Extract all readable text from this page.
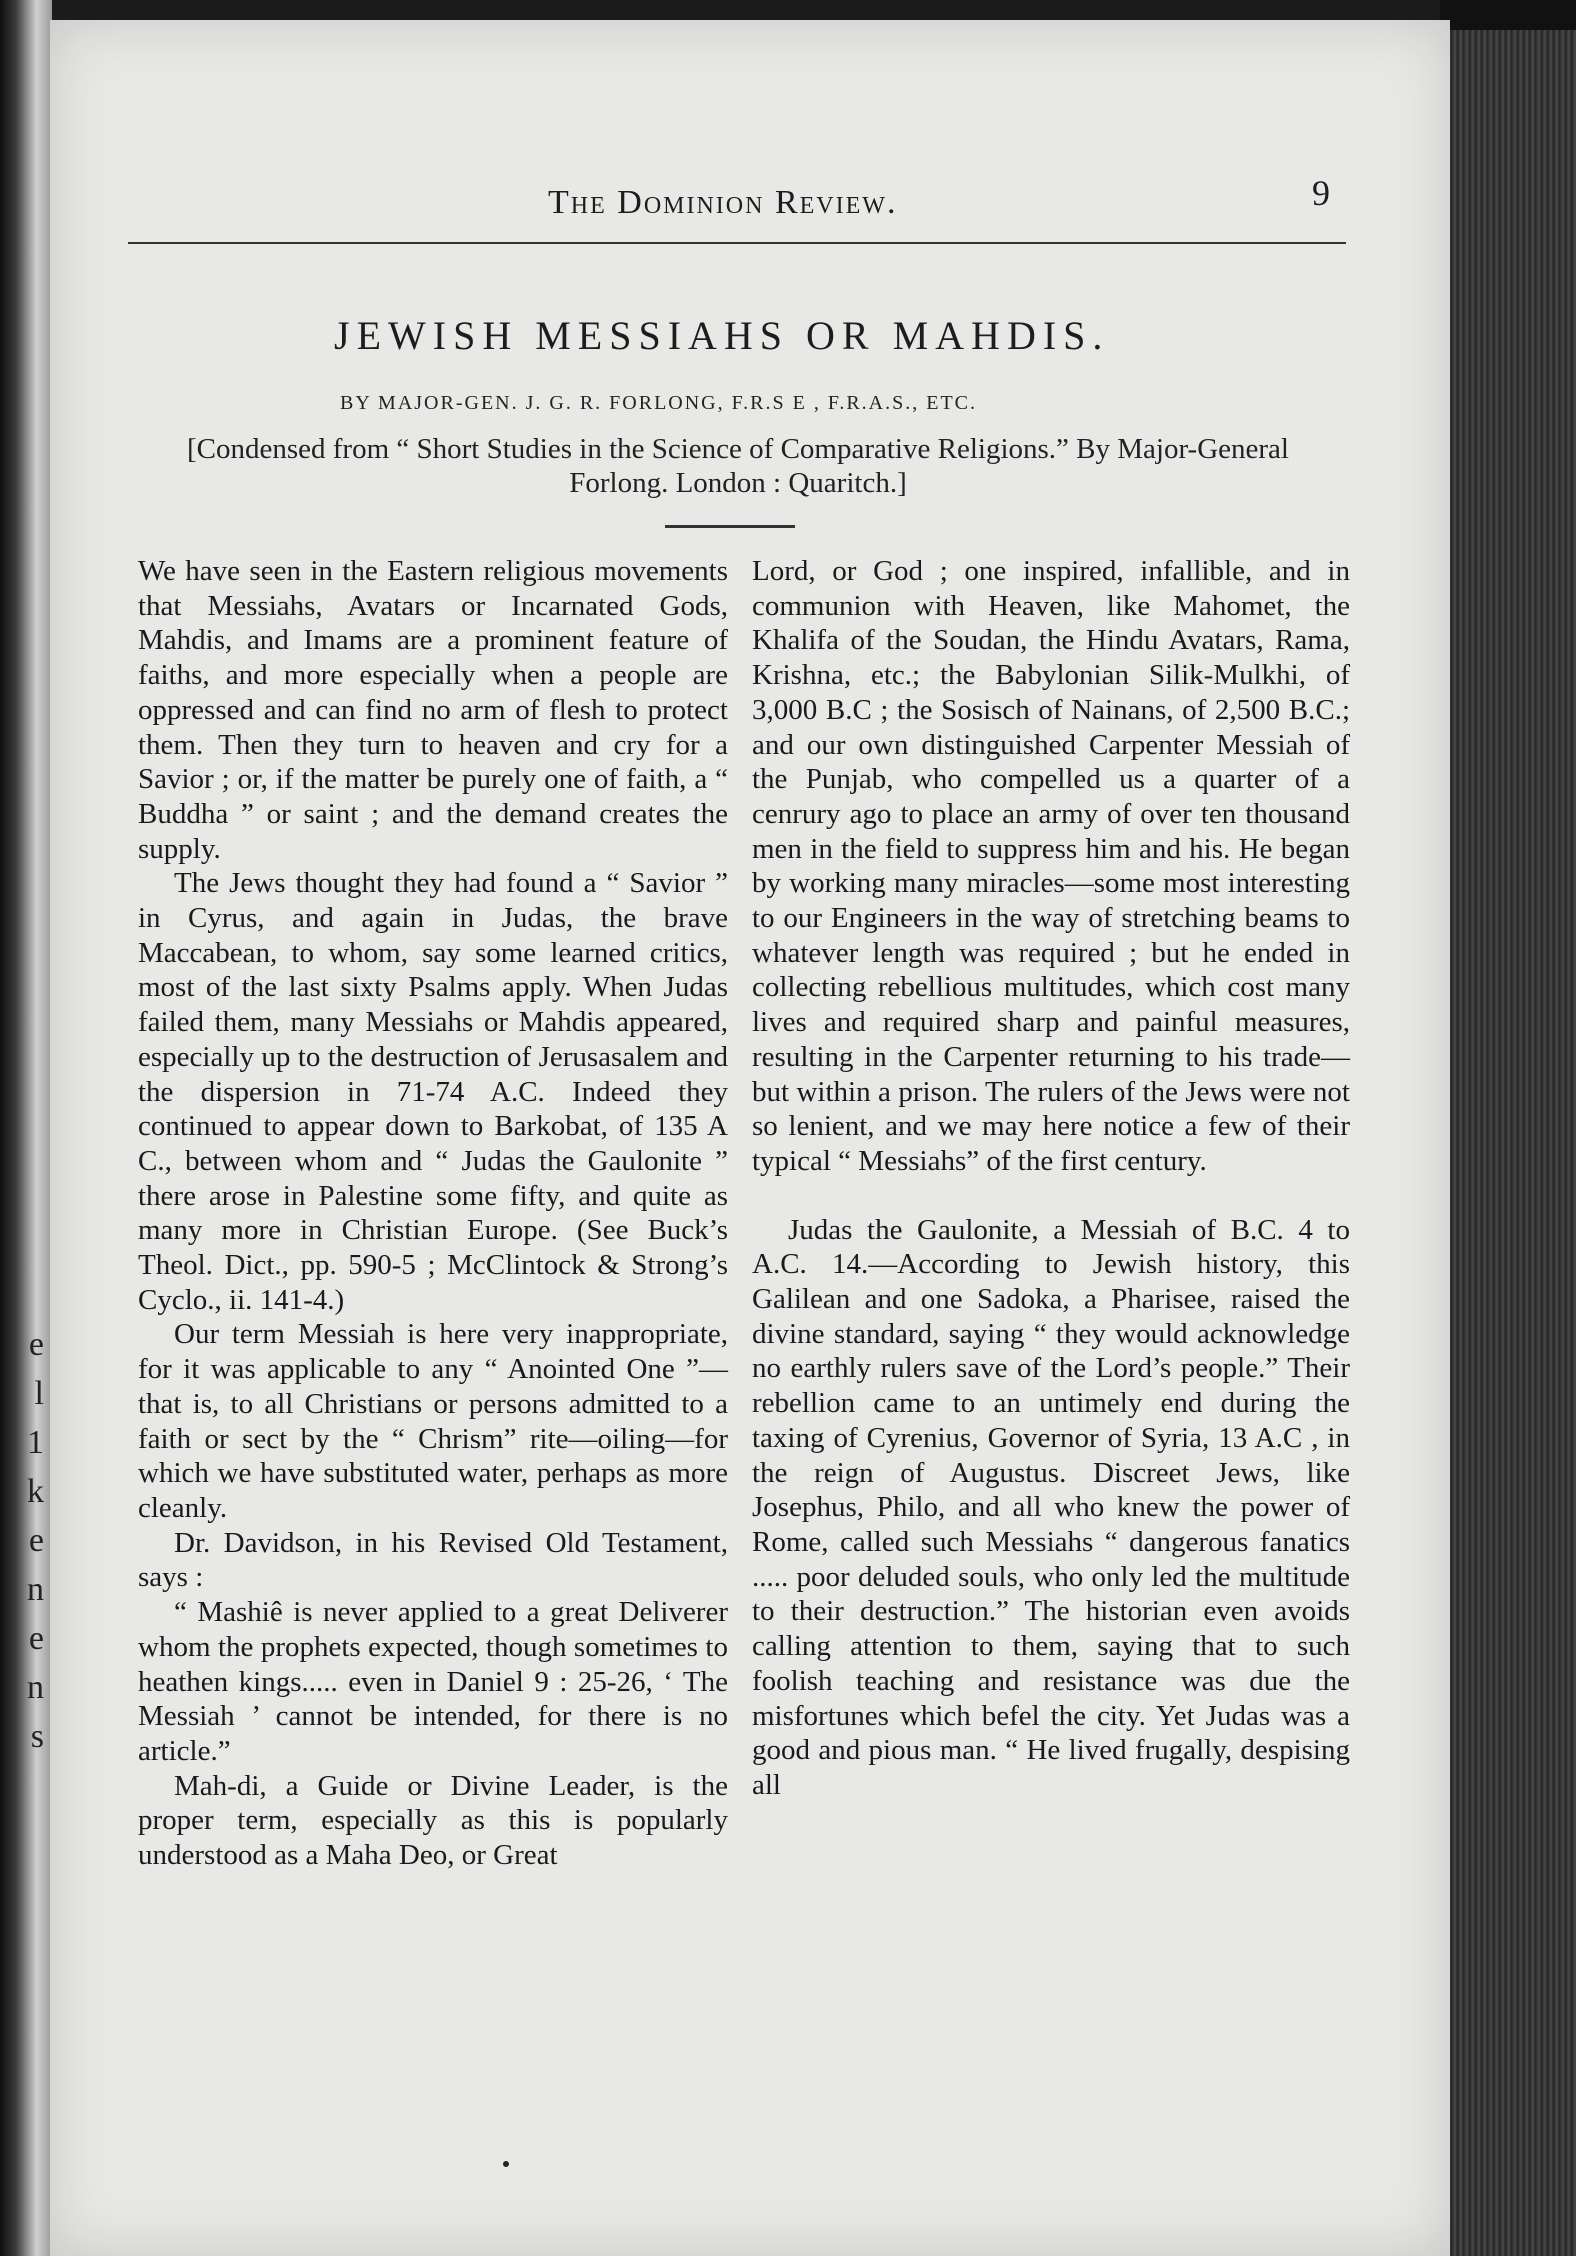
e
l
1
k
e
n
e
n
s
The Dominion Review.	9
JEWISH MESSIAHS OR MAHDIS.
BY MAJOR-GEN. J. G. R. FORLONG, F.R.S E , F.R.A.S., ETC.
[Condensed from “ Short Studies in the Science of Comparative Religions.” By Major-General Forlong. London : Quaritch.]

We have seen in the Eastern religious movements that Messiahs, Avatars or Incarnated Gods, Mahdis, and Imams are a prominent feature of faiths, and more especially when a people are oppressed and can find no arm of flesh to protect them. Then they turn to heaven and cry for a Savior ; or, if the matter be purely one of faith, a “ Buddha ” or saint ; and the demand creates the supply.

The Jews thought they had found a “ Savior ” in Cyrus, and again in Judas, the brave Maccabean, to whom, say some learned critics, most of the last sixty Psalms apply. When Judas failed them, many Messiahs or Mahdis appeared, especially up to the destruction of Jerusasalem and the dispersion in 71-74 A.C. Indeed they continued to appear down to Barkobat, of 135 A C., between whom and “ Judas the Gaulonite ” there arose in Palestine some fifty, and quite as many more in Christian Europe. (See Buck’s Theol. Dict., pp. 590-5 ; McClintock & Strong’s Cyclo., ii. 141-4.)

Our term Messiah is here very inappropriate, for it was applicable to any “ Anointed One ”—that is, to all Christians or persons admitted to a faith or sect by the “ Chrism” rite—oiling—for which we have substituted water, perhaps as more cleanly.

Dr. Davidson, in his Revised Old Testament, says :

“ Mashiê is never applied to a great Deliverer whom the prophets expected, though sometimes to heathen kings..... even in Daniel 9 : 25-26, ‘ The Messiah ’ cannot be intended, for there is no article.”

Mah-di, a Guide or Divine Leader, is the proper term, especially as this is popularly understood as a Maha Deo, or Great

Lord, or God ; one inspired, infallible, and in communion with Heaven, like Mahomet, the Khalifa of the Soudan, the Hindu Avatars, Rama, Krishna, etc.; the Babylonian Silik-Mulkhi, of 3,000 B.C ; the Sosisch of Nainans, of 2,500 B.C.; and our own distinguished Carpenter Messiah of the Punjab, who compelled us a quarter of a cenrury ago to place an army of over ten thousand men in the field to suppress him and his. He began by working many miracles—some most interesting to our Engineers in the way of stretching beams to whatever length was required ; but he ended in collecting rebellious multitudes, which cost many lives and required sharp and painful measures, resulting in the Carpenter returning to his trade—but within a prison. The rulers of the Jews were not so lenient, and we may here notice a few of their typical “ Messiahs” of the first century.

Judas the Gaulonite, a Messiah of B.C. 4 to A.C. 14.—According to Jewish history, this Galilean and one Sadoka, a Pharisee, raised the divine standard, saying “ they would acknowledge no earthly rulers save of the Lord’s people.” Their rebellion came to an untimely end during the taxing of Cyrenius, Governor of Syria, 13 A.C , in the reign of Augustus. Discreet Jews, like Josephus, Philo, and all who knew the power of Rome, called such Messiahs “ dangerous fanatics ..... poor deluded souls, who only led the multitude to their destruction.” The historian even avoids calling attention to them, saying that to such foolish teaching and resistance was due the misfortunes which befel the city. Yet Judas was a good and pious man. “ He lived frugally, despising all
